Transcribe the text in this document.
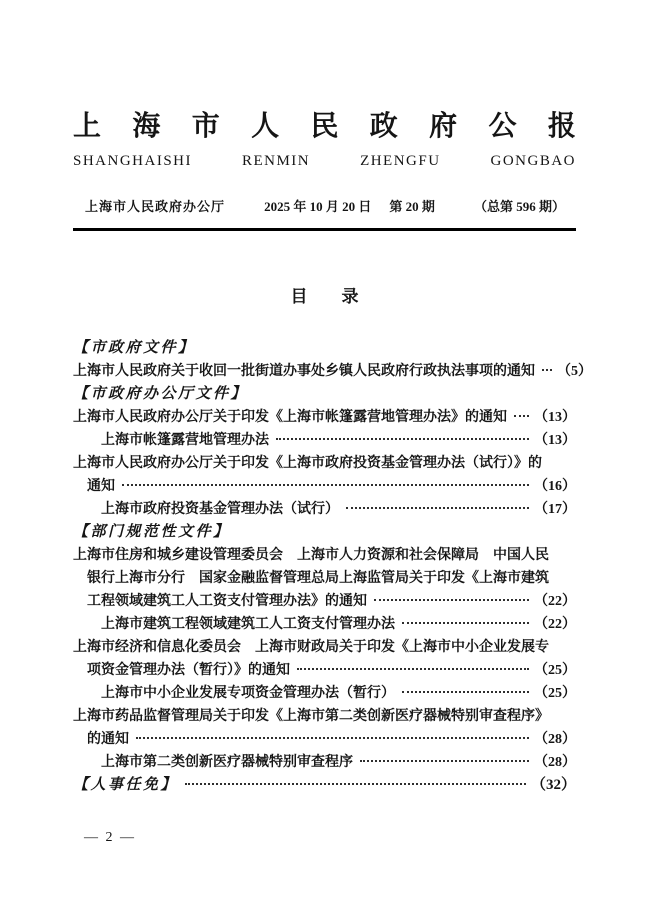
上 海 市 人 民 政 府 公 报
SHANGHAISHI	RENMIN	ZHENGFU	GONGBAO
上海市人民政府办公厅	2025 年 10 月 20 日 第 20 期	（总第 596 期）
目　　录
【市政府文件】
上海市人民政府关于收回一批街道办事处乡镇人民政府行政执法事项的通知 （5）
【市政府办公厅文件】
上海市人民政府办公厅关于印发《上海市帐篷露营地管理办法》的通知 （13）
上海市帐篷露营地管理办法	（13）
上海市人民政府办公厅关于印发《上海市政府投资基金管理办法（试行）》的
通知	（16）
上海市政府投资基金管理办法（试行）	（17）
【部门规范性文件】
上海市住房和城乡建设管理委员会　上海市人力资源和社会保障局　中国人民
银行上海市分行　国家金融监督管理总局上海监管局关于印发《上海市建筑
工程领域建筑工人工资支付管理办法》的通知	（22）
上海市建筑工程领域建筑工人工资支付管理办法	（22）
上海市经济和信息化委员会　上海市财政局关于印发《上海市中小企业发展专
项资金管理办法（暂行）》的通知	（25）
上海市中小企业发展专项资金管理办法（暂行）	（25）
上海市药品监督管理局关于印发《上海市第二类创新医疗器械特别审查程序》
的通知	（28）
上海市第二类创新医疗器械特别审查程序	（28）
【人事任免】	（32）
— 2 —
